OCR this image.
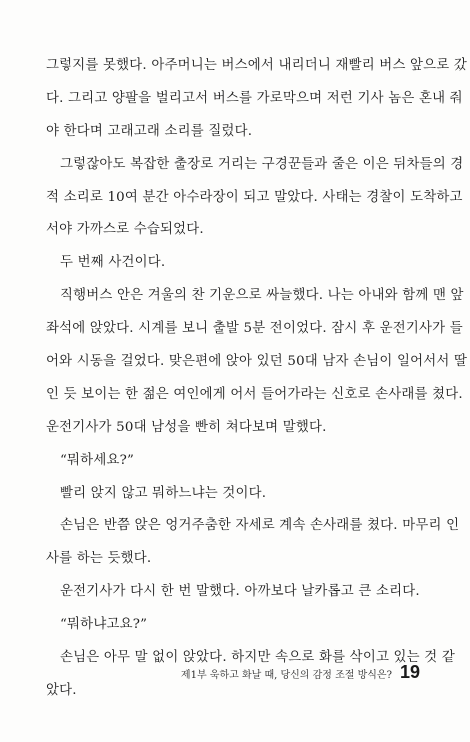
그렇지를 못했다. 아주머니는 버스에서 내리더니 재빨리 버스 앞으로 갔
다. 그리고 양팔을 벌리고서 버스를 가로막으며 저런 기사 놈은 혼내 줘
야 한다며 고래고래 소리를 질렀다.
그렇잖아도 복잡한 출장로 거리는 구경꾼들과 줄은 이은 뒤차들의 경
적 소리로 10여 분간 아수라장이 되고 말았다. 사태는 경찰이 도착하고
서야 가까스로 수습되었다.
두 번째 사건이다.
직행버스 안은 겨울의 찬 기운으로 싸늘했다. 나는 아내와 함께 맨 앞
좌석에 앉았다. 시계를 보니 출발 5분 전이었다. 잠시 후 운전기사가 들
어와 시동을 걸었다. 맞은편에 앉아 있던 50대 남자 손님이 일어서서 딸
인 듯 보이는 한 젊은 여인에게 어서 들어가라는 신호로 손사래를 쳤다.
운전기사가 50대 남성을 빤히 쳐다보며 말했다.
“뭐하세요?”
빨리 앉지 않고 뭐하느냐는 것이다.
손님은 반쯤 앉은 엉거주춤한 자세로 계속 손사래를 쳤다. 마무리 인
사를 하는 듯했다.
운전기사가 다시 한 번 말했다. 아까보다 날카롭고 큰 소리다.
“뭐하냐고요?”
손님은 아무 말 없이 앉았다. 하지만 속으로 화를 삭이고 있는 것 같
았다.
제1부 욱하고 화날 때, 당신의 감정 조절 방식은? 19
